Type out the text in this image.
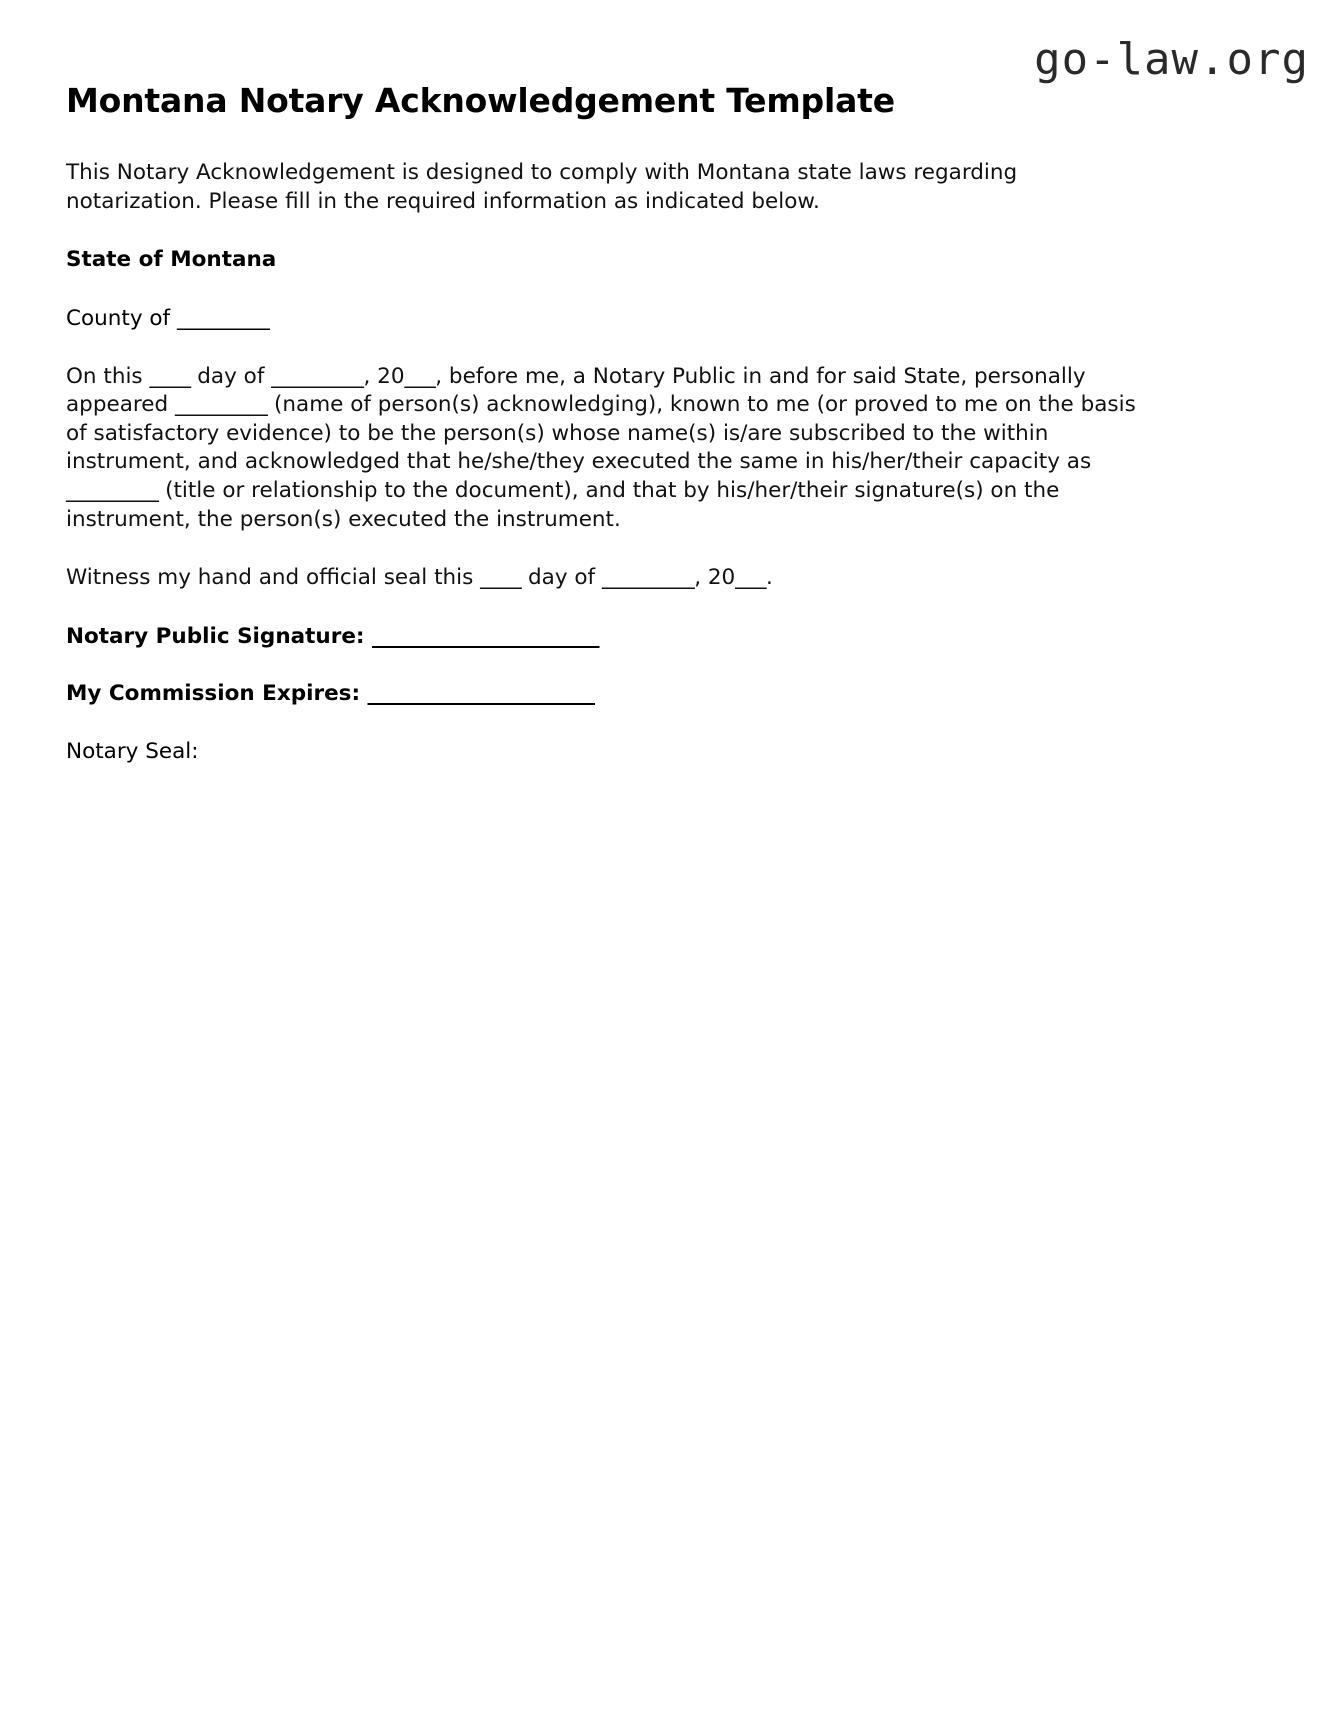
go-law.org
Montana Notary Acknowledgement Template

This Notary Acknowledgement is designed to comply with Montana state laws regarding notarization. Please fill in the required information as indicated below.

State of Montana
County of _________

On this ____ day of _________, 20___, before me, a Notary Public in and for said State, personally appeared _________ (name of person(s) acknowledging), known to me (or proved to me on the basis of satisfactory evidence) to be the person(s) whose name(s) is/are subscribed to the within instrument, and acknowledged that he/she/they executed the same in his/her/their capacity as _________ (title or relationship to the document), and that by his/her/their signature(s) on the instrument, the person(s) executed the instrument.

Witness my hand and official seal this ____ day of _________, 20___.

Notary Public Signature: _______________________
My Commission Expires: _______________________
Notary Seal:
